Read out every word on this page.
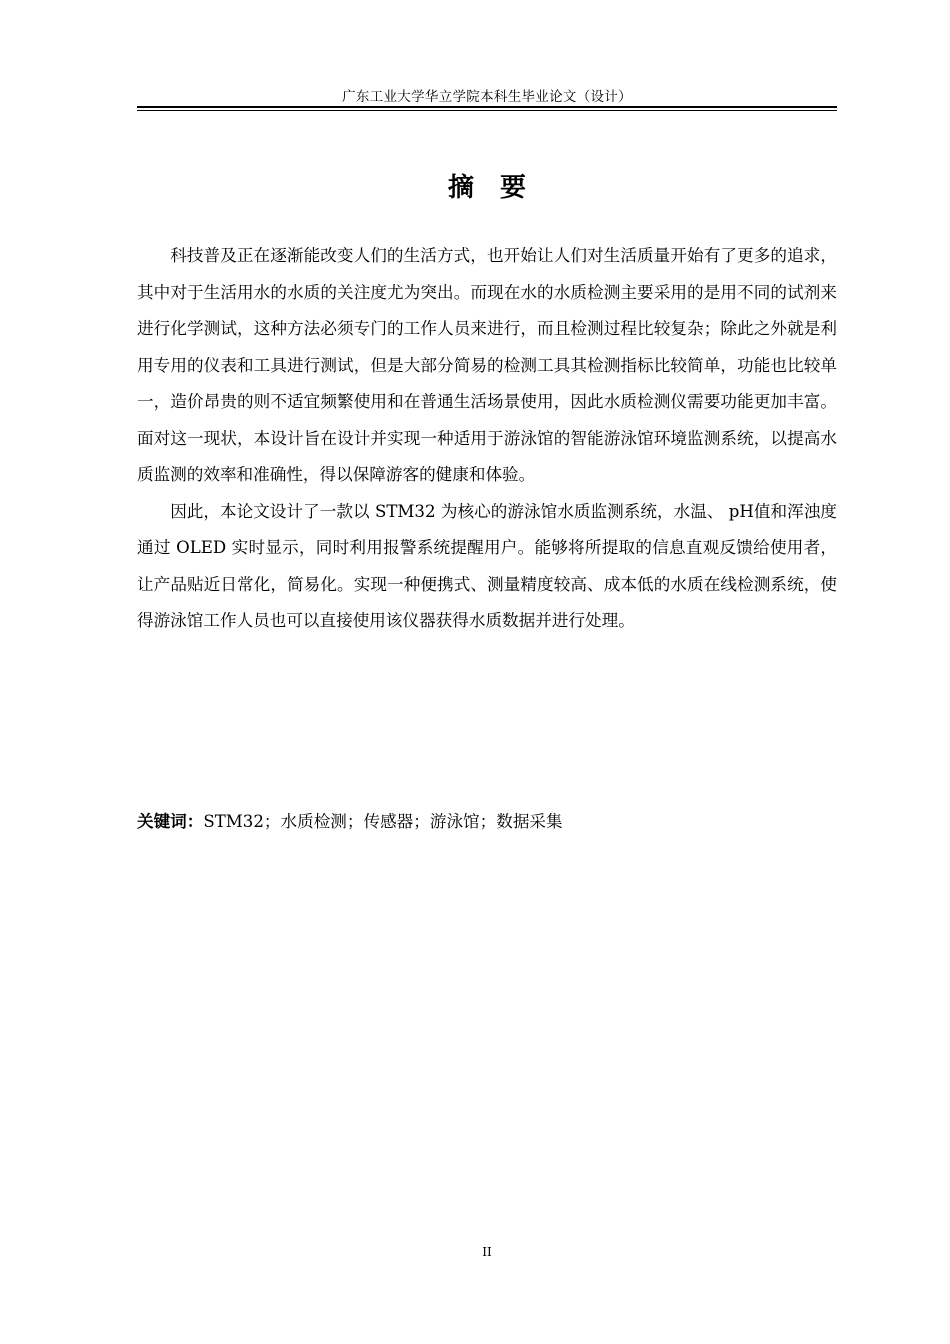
广东工业大学华立学院本科生毕业论文（设计）
摘要

科技普及正在逐渐能改变人们的生活方式，也开始让人们对生活质量开始有了更多的追求，其中对于生活用水的水质的关注度尤为突出。而现在水的水质检测主要采用的是用不同的试剂来进行化学测试，这种方法必须专门的工作人员来进行，而且检测过程比较复杂；除此之外就是利用专用的仪表和工具进行测试，但是大部分简易的检测工具其检测指标比较简单，功能也比较单一，造价昂贵的则不适宜频繁使用和在普通生活场景使用，因此水质检测仪需要功能更加丰富。面对这一现状，本设计旨在设计并实现一种适用于游泳馆的智能游泳馆环境监测系统，以提高水质监测的效率和准确性，得以保障游客的健康和体验。

因此，本论文设计了一款以 STM32 为核心的游泳馆水质监测系统，水温、 pH值和浑浊度通过 OLED 实时显示，同时利用报警系统提醒用户。能够将所提取的信息直观反馈给使用者，让产品贴近日常化，简易化。实现一种便携式、测量精度较高、成本低的水质在线检测系统，使得游泳馆工作人员也可以直接使用该仪器获得水质数据并进行处理。

关键词：STM32；水质检测；传感器；游泳馆；数据采集
II
